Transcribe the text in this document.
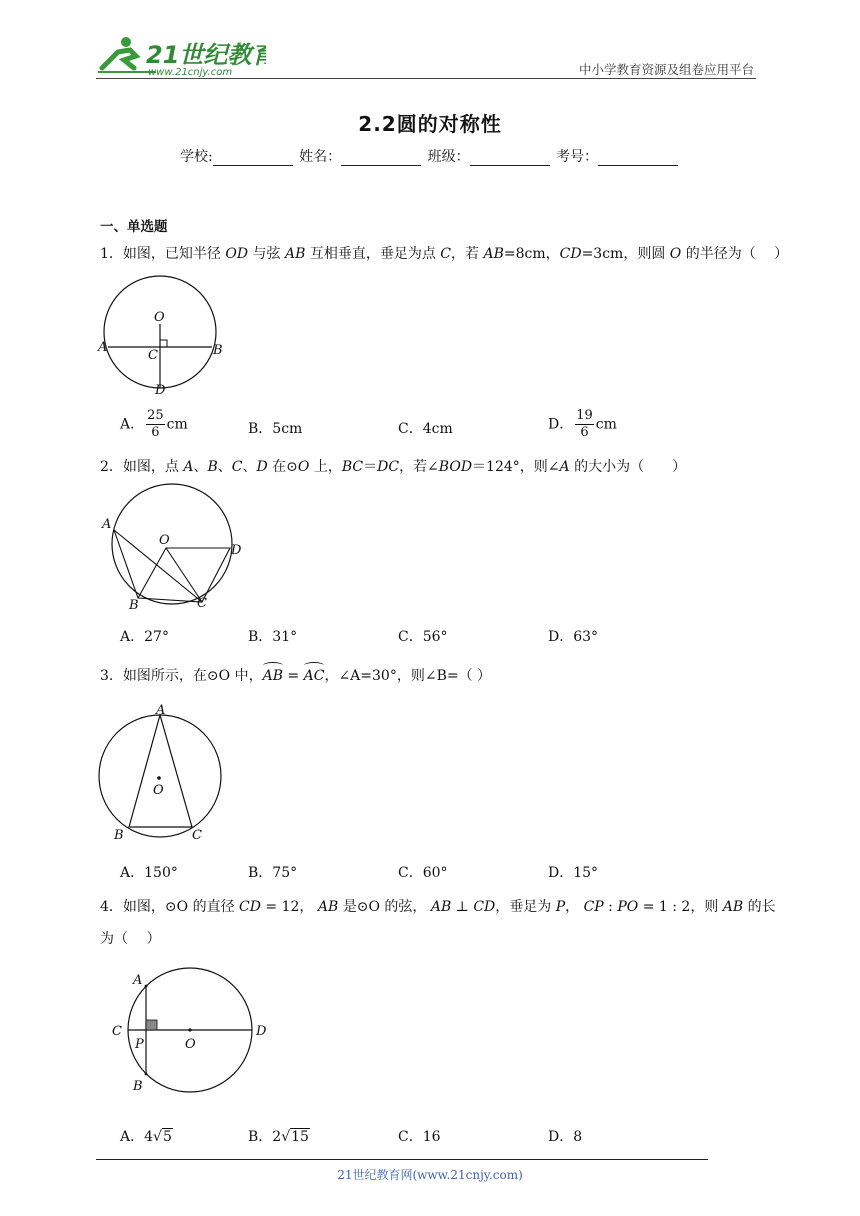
21世纪教育
www.21cnjy.com	中小学教育资源及组卷应用平台
2.2圆的对称性
学校:	姓名：	班级：	考号：
一、单选题
1．如图，已知半径 OD 与弦 AB 互相垂直，垂足为点 C，若 AB=8cm，CD=3cm，则圆 O 的半径为（　 ）
O
C
A	B
D
A． $\frac{25}{6}$ cm	B．5cm	C．4cm	D． $\frac{19}{6}$ cm
2．如图，点 A、B、C、D 在⊙O 上，BC＝DC，若∠BOD＝124°，则∠A 的大小为（　　）
A
O
D
B	C
A．27°	B．31°	C．56°	D．63°
3．如图所示，在⊙O 中，AB
= AC
，∠A=30°，则∠B=（ ）
A
O
B	C
A．150°	B．75°	C．60°	D．15°
4．如图，⊙O 的直径 CD = 12， AB 是⊙O 的弦， AB ⊥ CD，垂足为 P， CP : PO = 1 : 2，则 AB 的长
为（　 ）
A
C
P	O
D
B
A．4√5	B．2√15	C．16	D．8
21世纪教育网(www.21cnjy.com)
